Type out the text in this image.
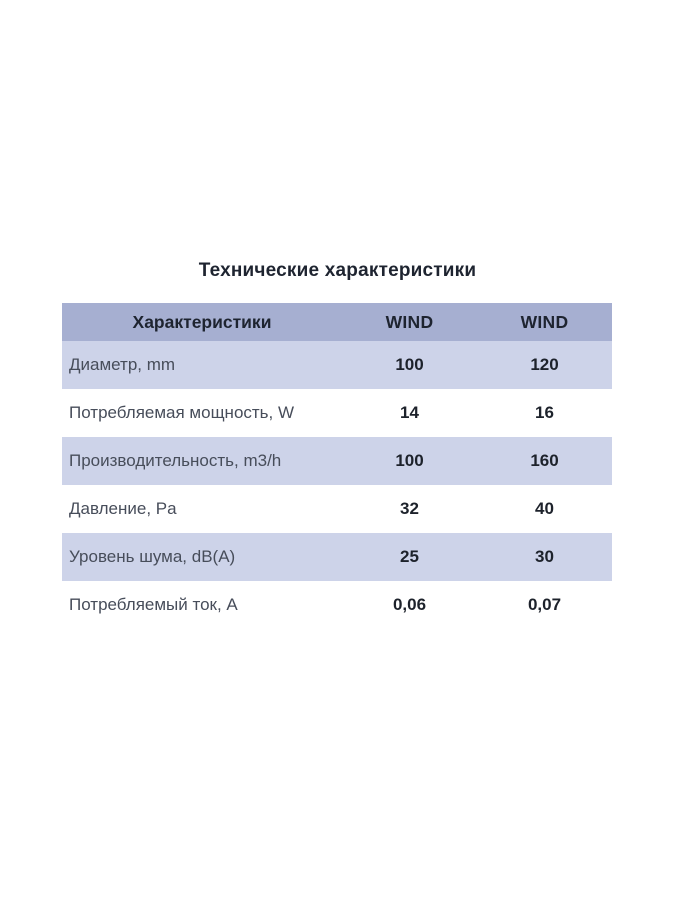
Технические характеристики
Характеристики	WIND	WIND
Диаметр, mm	100	120
Потребляемая мощность, W	14	16
Производительность, m3/h	100	160
Давление, Pa	32	40
Уровень шума, dB(A)	25	30
Потребляемый ток, A	0,06	0,07
